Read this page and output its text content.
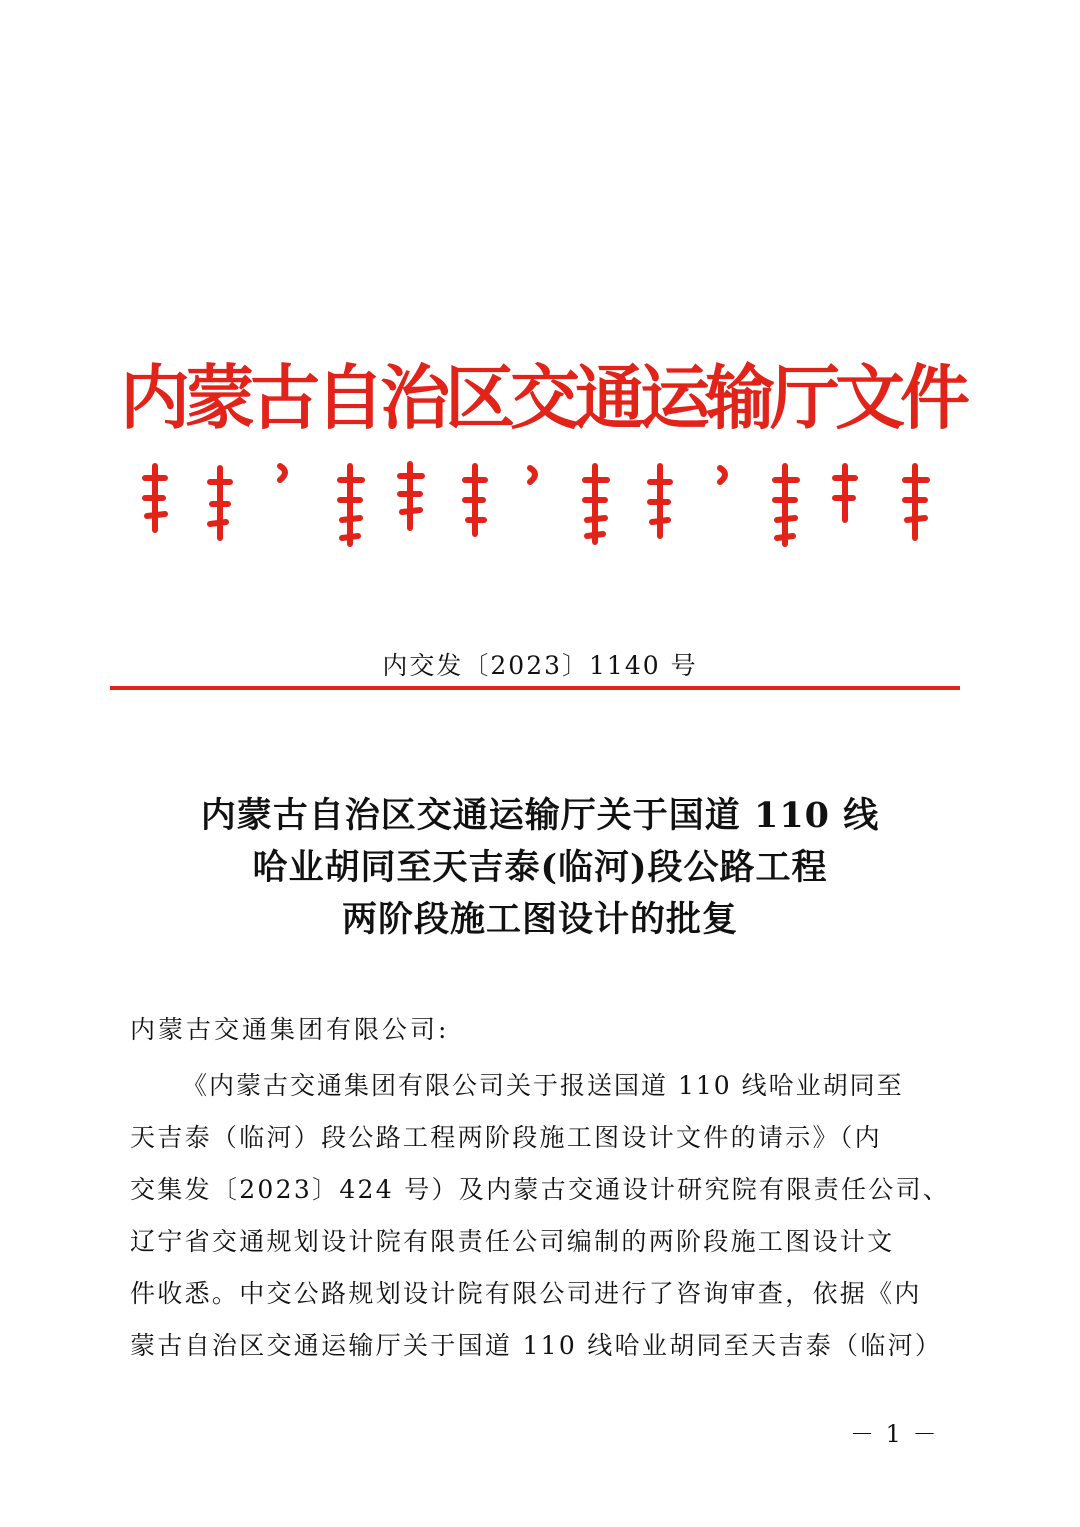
内蒙古自治区交通运输厅文件
内交发〔2023〕1140 号
内蒙古自治区交通运输厅关于国道 110 线
哈业胡同至天吉泰(临河)段公路工程
两阶段施工图设计的批复
内蒙古交通集团有限公司:
《内蒙古交通集团有限公司关于报送国道 110 线哈业胡同至
天吉泰（临河）段公路工程两阶段施工图设计文件的请示》（内
交集发〔2023〕424 号）及内蒙古交通设计研究院有限责任公司、
辽宁省交通规划设计院有限责任公司编制的两阶段施工图设计文
件收悉。中交公路规划设计院有限公司进行了咨询审查，依据《内
蒙古自治区交通运输厅关于国道 110 线哈业胡同至天吉泰（临河）
－ 1 －
